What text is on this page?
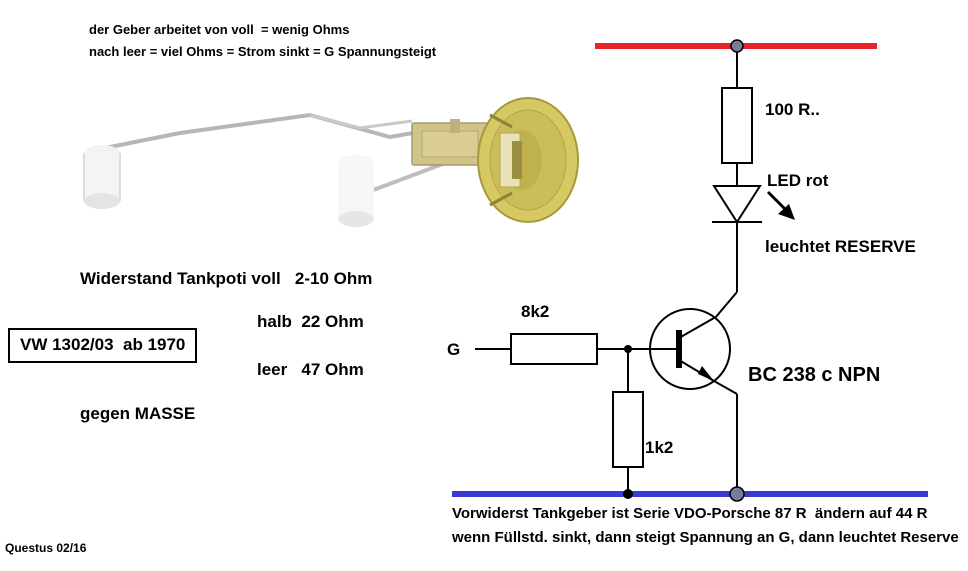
der Geber arbeitet von voll  = wenig Ohms
nach leer = viel Ohms = Strom sinkt = G Spannungsteigt
Widerstand Tankpoti voll   2-10 Ohm
halb  22 Ohm
leer   47 Ohm
gegen MASSE
VW 1302/03  ab 1970
100 R..
LED rot
leuchtet RESERVE
8k2
G
1k2
BC 238 c NPN
Vorwiderst Tankgeber ist Serie VDO-Porsche 87 R  ändern auf 44 R
wenn Füllstd. sinkt, dann steigt Spannung an G, dann leuchtet Reserve
Questus 02/16
